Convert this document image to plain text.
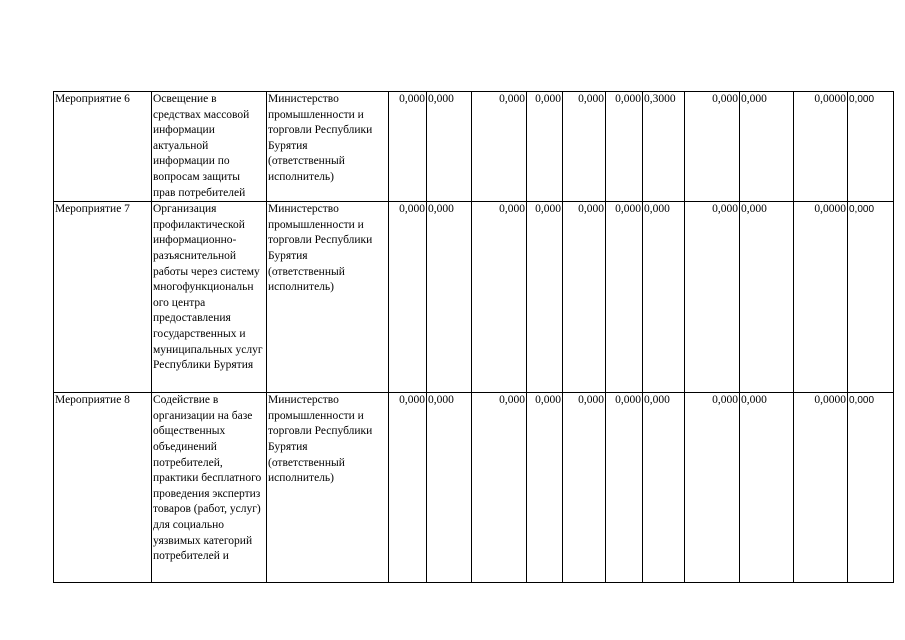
Мероприятие 6	Освещение в средствах массовой информации актуальной информации по вопросам защиты прав потребителей	Министерство промышленности и торговли Республики Бурятия (ответственный исполнитель)	0,000	0,000	0,000	0,000	0,000	0,000	0,3000	0,000	0,000	0,0000	0,000
Мероприятие 7	Организация профилактической информационно-разъяснительной работы через систему многофункциональн ого центра предоставления государственных и муниципальных услуг Республики Бурятия	Министерство промышленности и торговли Республики Бурятия (ответственный исполнитель)	0,000	0,000	0,000	0,000	0,000	0,000	0,000	0,000	0,000	0,0000	0,000
Мероприятие 8	Содействие в организации на базе общественных объединений потребителей, практики бесплатного проведения экспертиз товаров (работ, услуг) для социально уязвимых категорий потребителей и	Министерство промышленности и торговли Республики Бурятия (ответственный исполнитель)	0,000	0,000	0,000	0,000	0,000	0,000	0,000	0,000	0,000	0,0000	0,000
